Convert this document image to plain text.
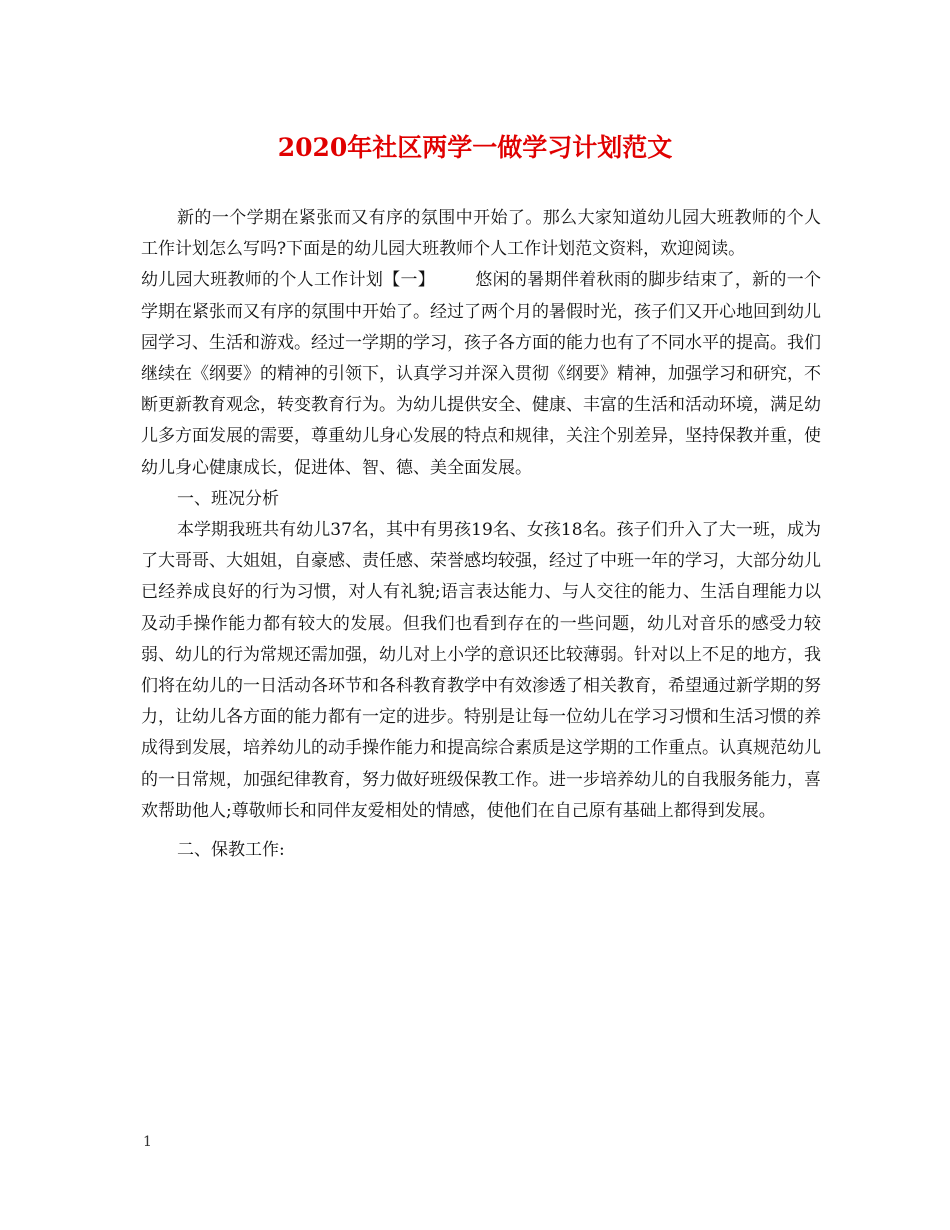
2020年社区两学一做学习计划范文

新的一个学期在紧张而又有序的氛围中开始了。那么大家知道幼儿园大班教师的个人工作计划怎么写吗?下面是的幼儿园大班教师个人工作计划范文资料，欢迎阅读。

幼儿园大班教师的个人工作计划【一】 悠闲的暑期伴着秋雨的脚步结束了，新的一个学期在紧张而又有序的氛围中开始了。经过了两个月的暑假时光，孩子们又开心地回到幼儿园学习、生活和游戏。经过一学期的学习，孩子各方面的能力也有了不同水平的提高。我们继续在《纲要》的精神的引领下，认真学习并深入贯彻《纲要》精神，加强学习和研究，不断更新教育观念，转变教育行为。为幼儿提供安全、健康、丰富的生活和活动环境，满足幼儿多方面发展的需要，尊重幼儿身心发展的特点和规律，关注个别差异，坚持保教并重，使幼儿身心健康成长，促进体、智、德、美全面发展。

一、班况分析

本学期我班共有幼儿37名，其中有男孩19名、女孩18名。孩子们升入了大一班，成为了大哥哥、大姐姐，自豪感、责任感、荣誉感均较强，经过了中班一年的学习，大部分幼儿已经养成良好的行为习惯，对人有礼貌;语言表达能力、与人交往的能力、生活自理能力以及动手操作能力都有较大的发展。但我们也看到存在的一些问题，幼儿对音乐的感受力较弱、幼儿的行为常规还需加强，幼儿对上小学的意识还比较薄弱。针对以上不足的地方，我们将在幼儿的一日活动各环节和各科教育教学中有效渗透了相关教育，希望通过新学期的努力，让幼儿各方面的能力都有一定的进步。特别是让每一位幼儿在学习习惯和生活习惯的养成得到发展，培养幼儿的动手操作能力和提高综合素质是这学期的工作重点。认真规范幼儿的一日常规，加强纪律教育，努力做好班级保教工作。进一步培养幼儿的自我服务能力，喜欢帮助他人;尊敬师长和同伴友爱相处的情感，使他们在自己原有基础上都得到发展。

二、保教工作:

1
